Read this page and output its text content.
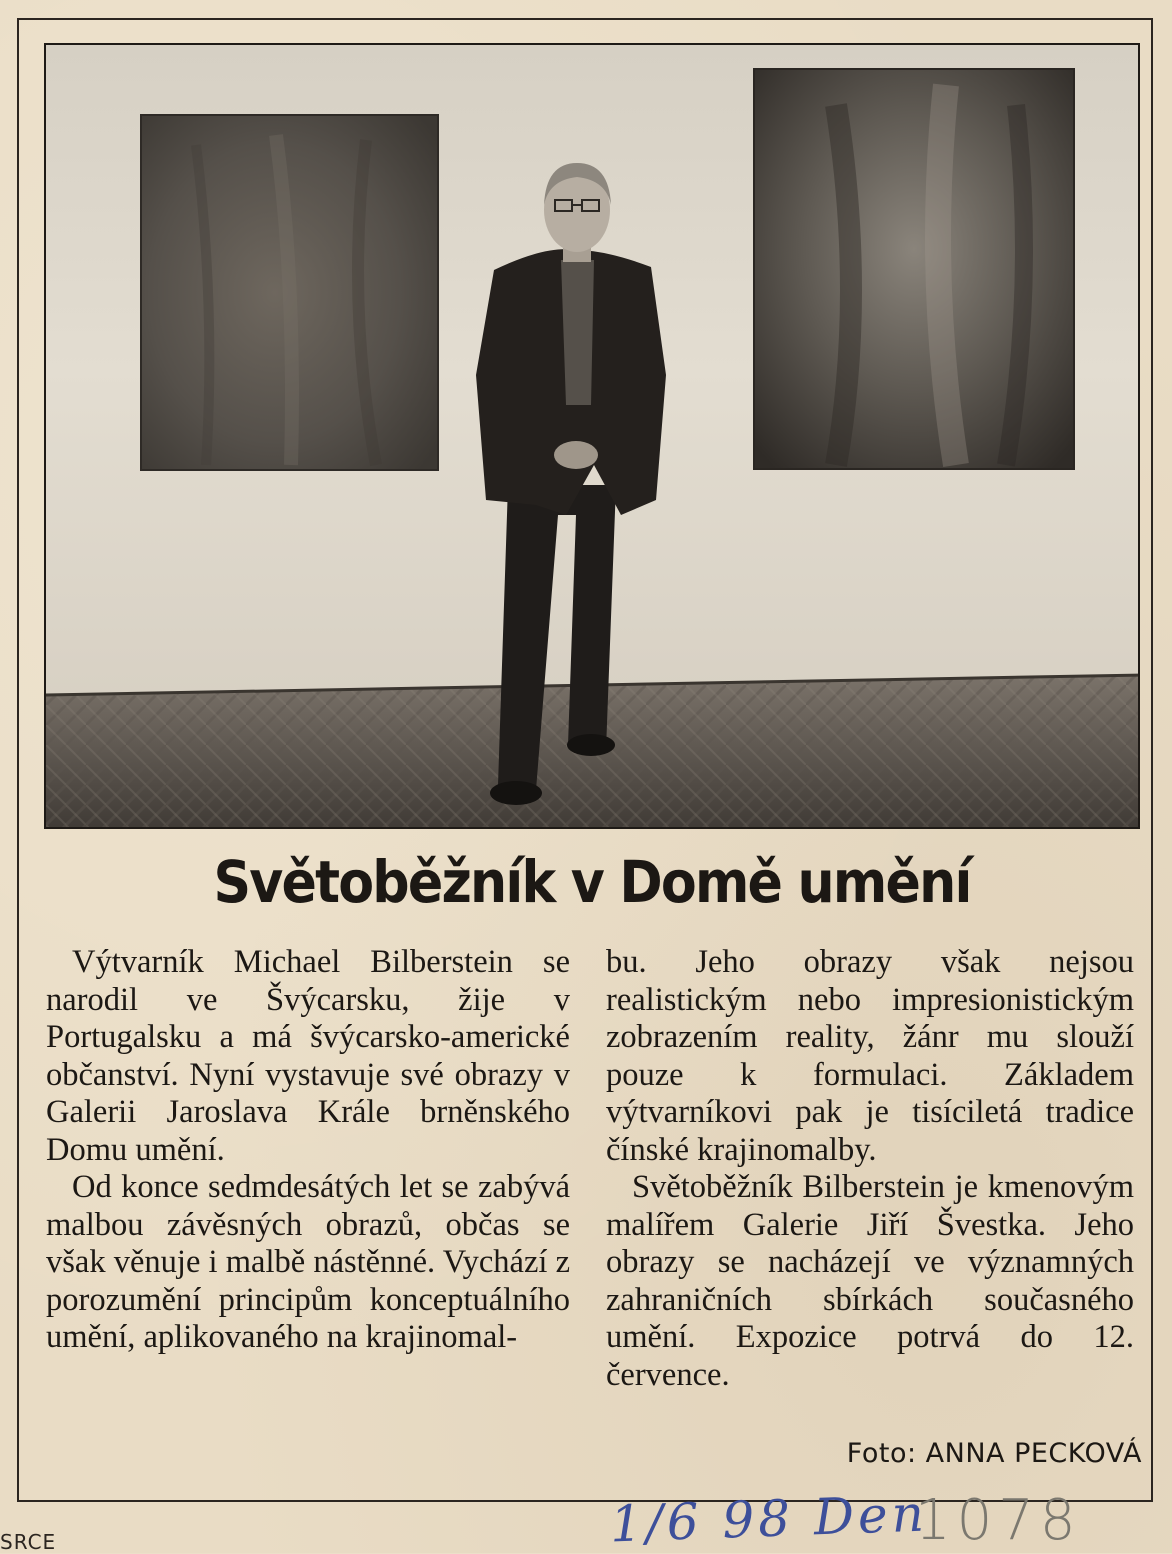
Světoběžník v Domě umění

Výtvarník Michael Bilberstein se narodil ve Švýcarsku, žije v Portugalsku a má švýcarsko-americké občanství. Nyní vystavuje své obrazy v Galerii Jaroslava Krále brněnského Domu umění.

Od konce sedmdesátých let se zabývá malbou závěsných obrazů, občas se však věnuje i malbě nástěnné. Vychází z porozumění principům konceptuálního umění, aplikovaného na krajinomal-

bu. Jeho obrazy však nejsou realistickým nebo impresionistickým zobrazením reality, žánr mu slouží pouze k formulaci. Základem výtvarníkovi pak je tisíciletá tradice čínské krajinomalby.

Světoběžník Bilberstein je kmenovým malířem Galerie Jiří Švestka. Jeho obrazy se nacházejí ve významných zahraničních sbírkách současného umění. Expozice potrvá do 12. července.

Foto: ANNA PECKOVÁ
1/6 98 Den
1078
SRCE
